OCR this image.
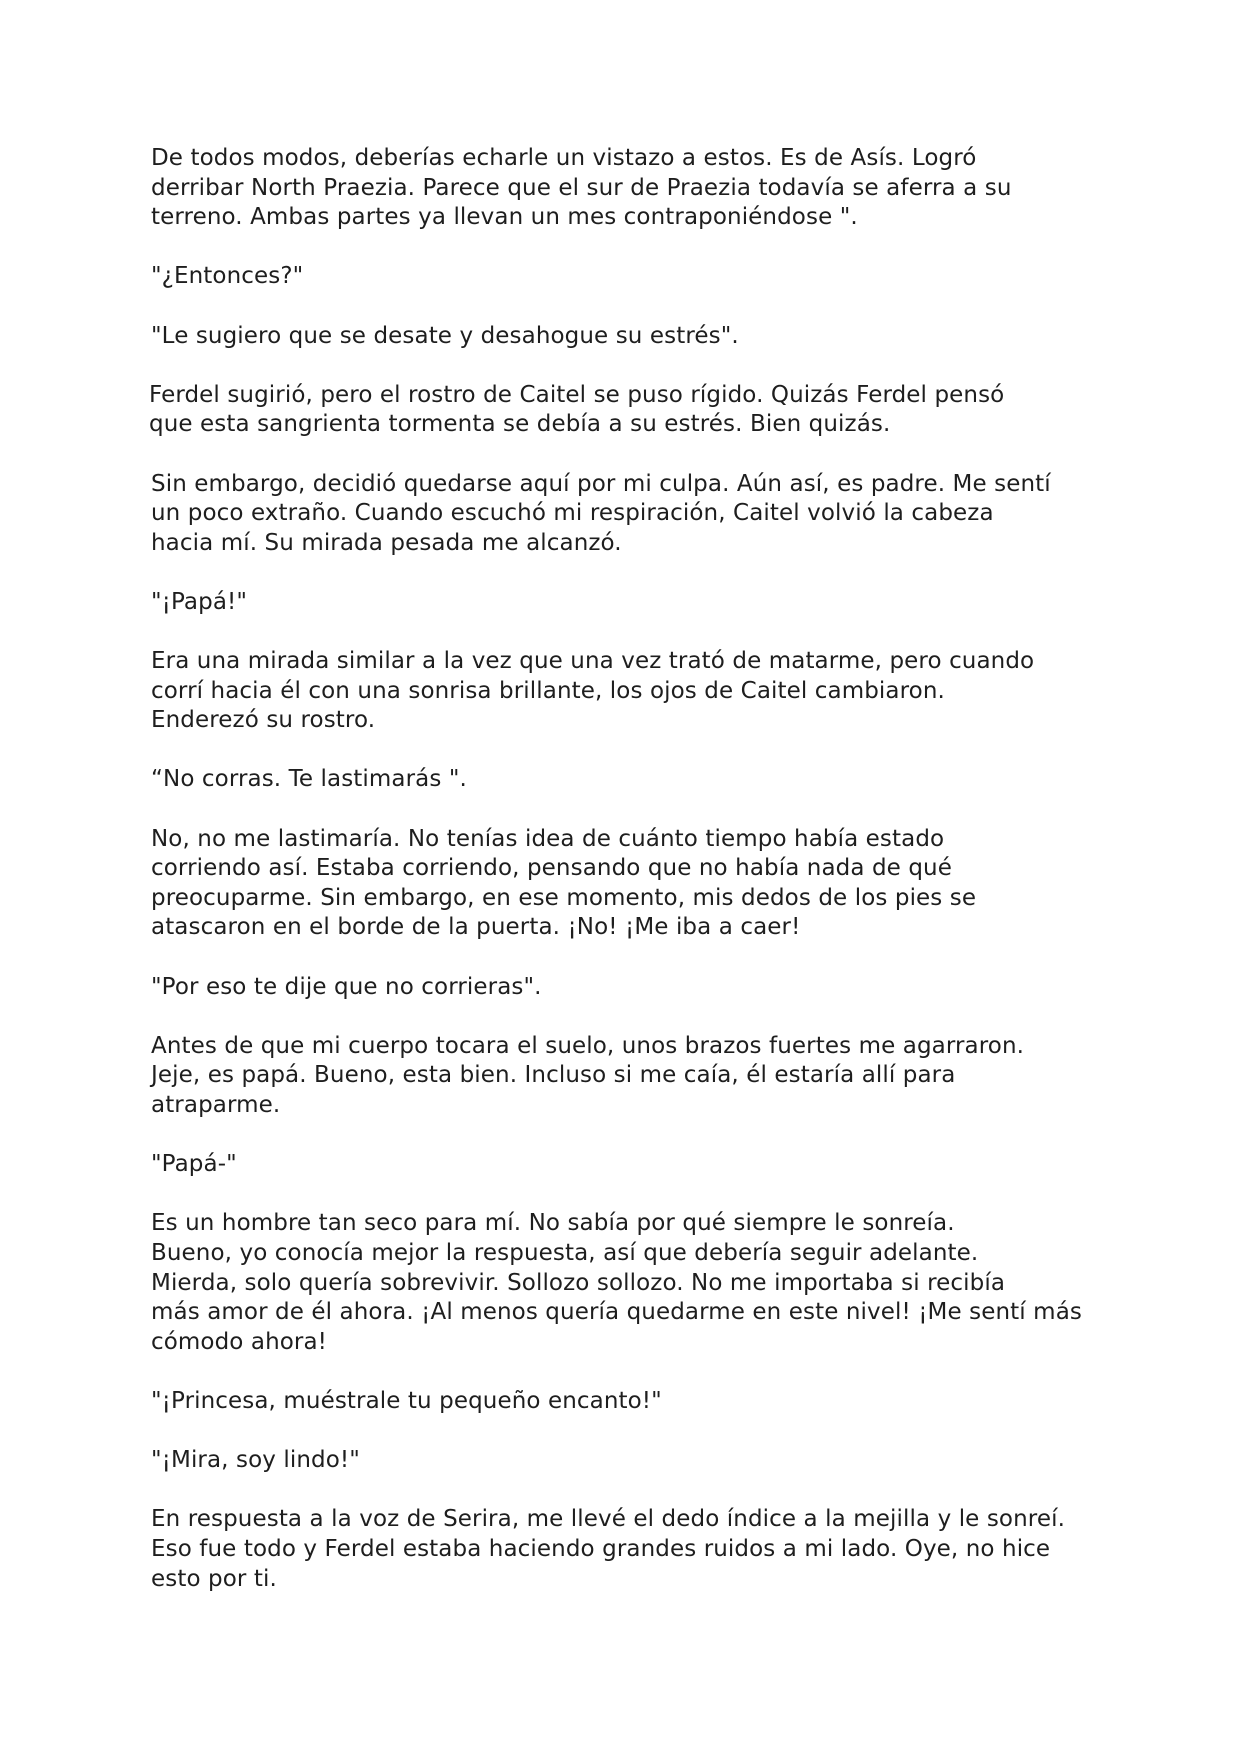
De todos modos, deberías echarle un vistazo a estos. Es de Asís. Logró
derribar North Praezia. Parece que el sur de Praezia todavía se aferra a su
terreno. Ambas partes ya llevan un mes contraponiéndose ".

"¿Entonces?"

"Le sugiero que se desate y desahogue su estrés".

Ferdel sugirió, pero el rostro de Caitel se puso rígido. Quizás Ferdel pensó
que esta sangrienta tormenta se debía a su estrés. Bien quizás.

Sin embargo, decidió quedarse aquí por mi culpa. Aún así, es padre. Me sentí
un poco extraño. Cuando escuchó mi respiración, Caitel volvió la cabeza
hacia mí. Su mirada pesada me alcanzó.

"¡Papá!"

Era una mirada similar a la vez que una vez trató de matarme, pero cuando
corrí hacia él con una sonrisa brillante, los ojos de Caitel cambiaron.
Enderezó su rostro.

“No corras. Te lastimarás ".

No, no me lastimaría. No tenías idea de cuánto tiempo había estado
corriendo así. Estaba corriendo, pensando que no había nada de qué
preocuparme. Sin embargo, en ese momento, mis dedos de los pies se
atascaron en el borde de la puerta. ¡No! ¡Me iba a caer!

"Por eso te dije que no corrieras".

Antes de que mi cuerpo tocara el suelo, unos brazos fuertes me agarraron.
Jeje, es papá. Bueno, esta bien. Incluso si me caía, él estaría allí para
atraparme.

"Papá-"

Es un hombre tan seco para mí. No sabía por qué siempre le sonreía.
Bueno, yo conocía mejor la respuesta, así que debería seguir adelante.
Mierda, solo quería sobrevivir. Sollozo sollozo. No me importaba si recibía
más amor de él ahora. ¡Al menos quería quedarme en este nivel! ¡Me sentí más
cómodo ahora!

"¡Princesa, muéstrale tu pequeño encanto!"

"¡Mira, soy lindo!"

En respuesta a la voz de Serira, me llevé el dedo índice a la mejilla y le sonreí.
Eso fue todo y Ferdel estaba haciendo grandes ruidos a mi lado. Oye, no hice
esto por ti.
